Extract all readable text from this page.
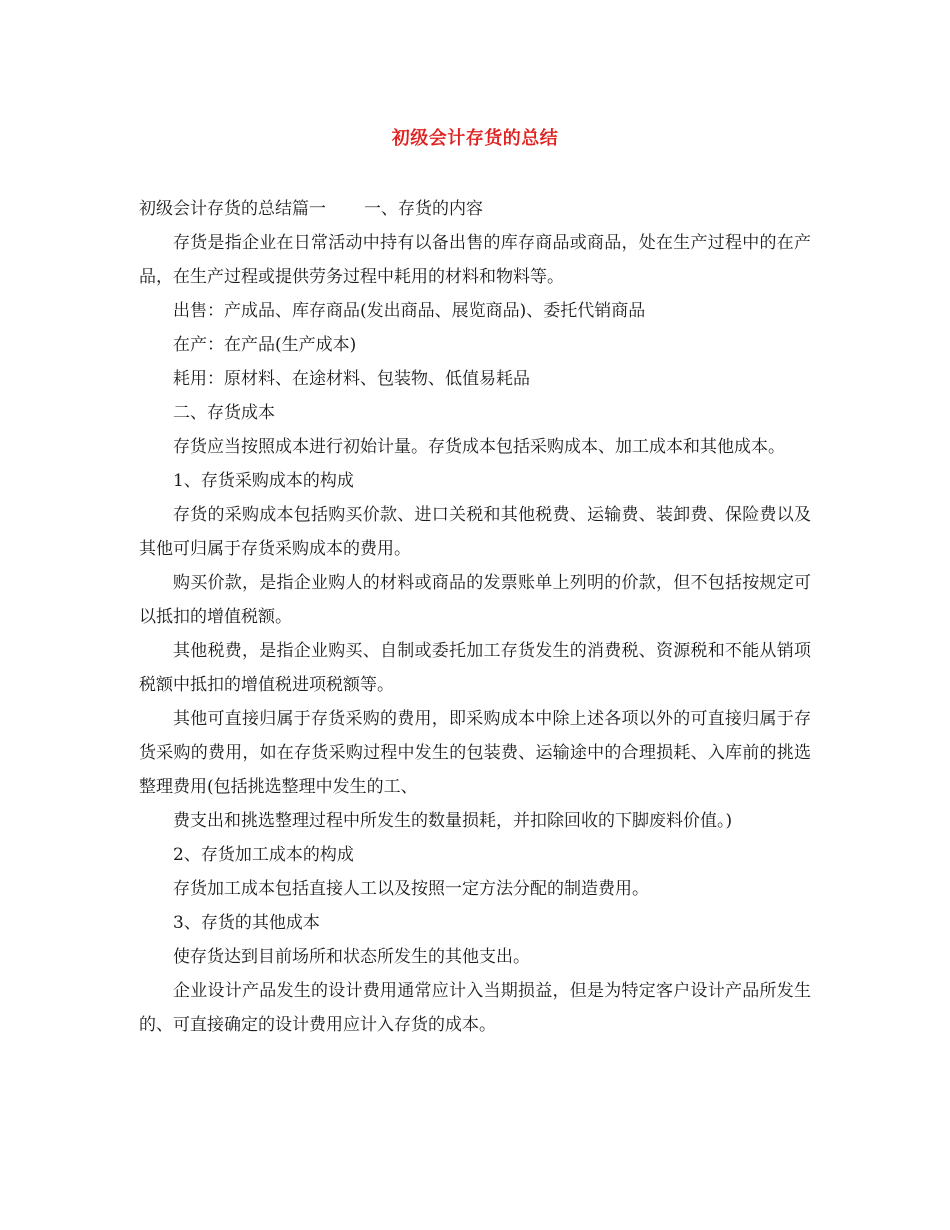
初级会计存货的总结

初级会计存货的总结篇一 一、存货的内容

存货是指企业在日常活动中持有以备出售的库存商品或商品，处在生产过程中的在产品，在生产过程或提供劳务过程中耗用的材料和物料等。

出售：产成品、库存商品(发出商品、展览商品)、委托代销商品

在产：在产品(生产成本)

耗用：原材料、在途材料、包装物、低值易耗品

二、存货成本

存货应当按照成本进行初始计量。存货成本包括采购成本、加工成本和其他成本。

1、存货采购成本的构成

存货的采购成本包括购买价款、进口关税和其他税费、运输费、装卸费、保险费以及其他可归属于存货采购成本的费用。

购买价款，是指企业购人的材料或商品的发票账单上列明的价款，但不包括按规定可以抵扣的增值税额。

其他税费，是指企业购买、自制或委托加工存货发生的消费税、资源税和不能从销项税额中抵扣的增值税进项税额等。

其他可直接归属于存货采购的费用，即采购成本中除上述各项以外的可直接归属于存货采购的费用，如在存货采购过程中发生的包装费、运输途中的合理损耗、入库前的挑选整理费用(包括挑选整理中发生的工、

费支出和挑选整理过程中所发生的数量损耗，并扣除回收的下脚废料价值。)

2、存货加工成本的构成

存货加工成本包括直接人工以及按照一定方法分配的制造费用。

3、存货的其他成本

使存货达到目前场所和状态所发生的其他支出。

企业设计产品发生的设计费用通常应计入当期损益，但是为特定客户设计产品所发生的、可直接确定的设计费用应计入存货的成本。
